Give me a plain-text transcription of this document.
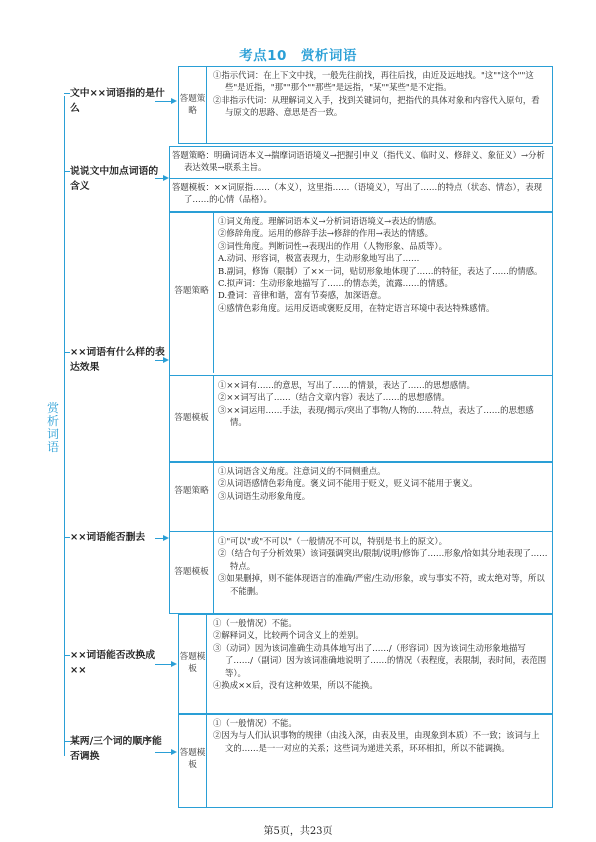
考点10 赏析词语
赏析词语
文中××词语指的是什么
答题策略

①指示代词：在上下文中找，一般先往前找，再往后找，由近及远地找。"这""这个""这些"是近指，"那""那个""那些"是远指，"某""某些"是不定指。

②非指示代词：从理解词义入手，找到关键词句，把指代的具体对象和内容代入原句，看与原文的思路、意思是否一致。

说说文中加点词语的含义

答题策略：明确词语本义→揣摩词语语境义→把握引申义（指代义、临时义、修辞义、象征义）→分析表达效果→联系主旨。

答题模板：××词原指……（本义），这里指……（语境义），写出了……的特点（状态、情态），表现了……的心情（品格）。

××词语有什么样的表达效果
答题策略

①词义角度。理解词语本义→分析词语语境义→表达的情感。

②修辞角度。运用的修辞手法→修辞的作用→表达的情感。

③词性角度。判断词性→表现出的作用（人物形象、品质等）。

A.动词、形容词，极富表现力，生动形象地写出了……

B.副词，修饰（限制）了××一词，贴切形象地体现了……的特征，表达了……的情感。

C.拟声词：生动形象地描写了……的情态美，流露……的情感。

D.叠词：音律和谐，富有节奏感，加深语意。

④感情色彩角度。运用反语或褒贬反用，在特定语言环境中表达特殊感情。

答题模板

①××词有……的意思，写出了……的情景，表达了……的思想感情。

②××词写出了……（结合文章内容）表达了……的思想感情。

③××词运用……手法，表现/揭示/突出了事物/人物的……特点，表达了……的思想感情。

××词语能否删去
答题策略

①从词语含义角度。注意词义的不同侧重点。

②从词语感情色彩角度。褒义词不能用于贬义，贬义词不能用于褒义。

③从词语生动形象角度。

答题模板

①"可以"或"不可以"（一般情况不可以，特别是书上的原文）。

②（结合句子分析效果）该词强调突出/限制/说明/修饰了……形象/恰如其分地表现了……特点。

③如果删掉，则不能体现语言的准确/严密/生动/形象，或与事实不符，或太绝对等，所以不能删。

××词语能否改换成××
答题模板

①（一般情况）不能。

②解释词义，比较两个词含义上的差别。

③（动词）因为该词准确生动具体地写出了……/（形容词）因为该词生动形象地描写了……/（副词）因为该词准确地说明了……的情况（表程度，表限制，表时间，表范围等）。

④换成××后，没有这种效果，所以不能换。

某两/三个词的顺序能否调换	答题模板

①（一般情况）不能。

②因为与人们认识事物的规律（由浅入深，由表及里，由现象到本质）不一致；该词与上文的……是一一对应的关系；这些词为递进关系，环环相扣，所以不能调换。

第5页，共23页
